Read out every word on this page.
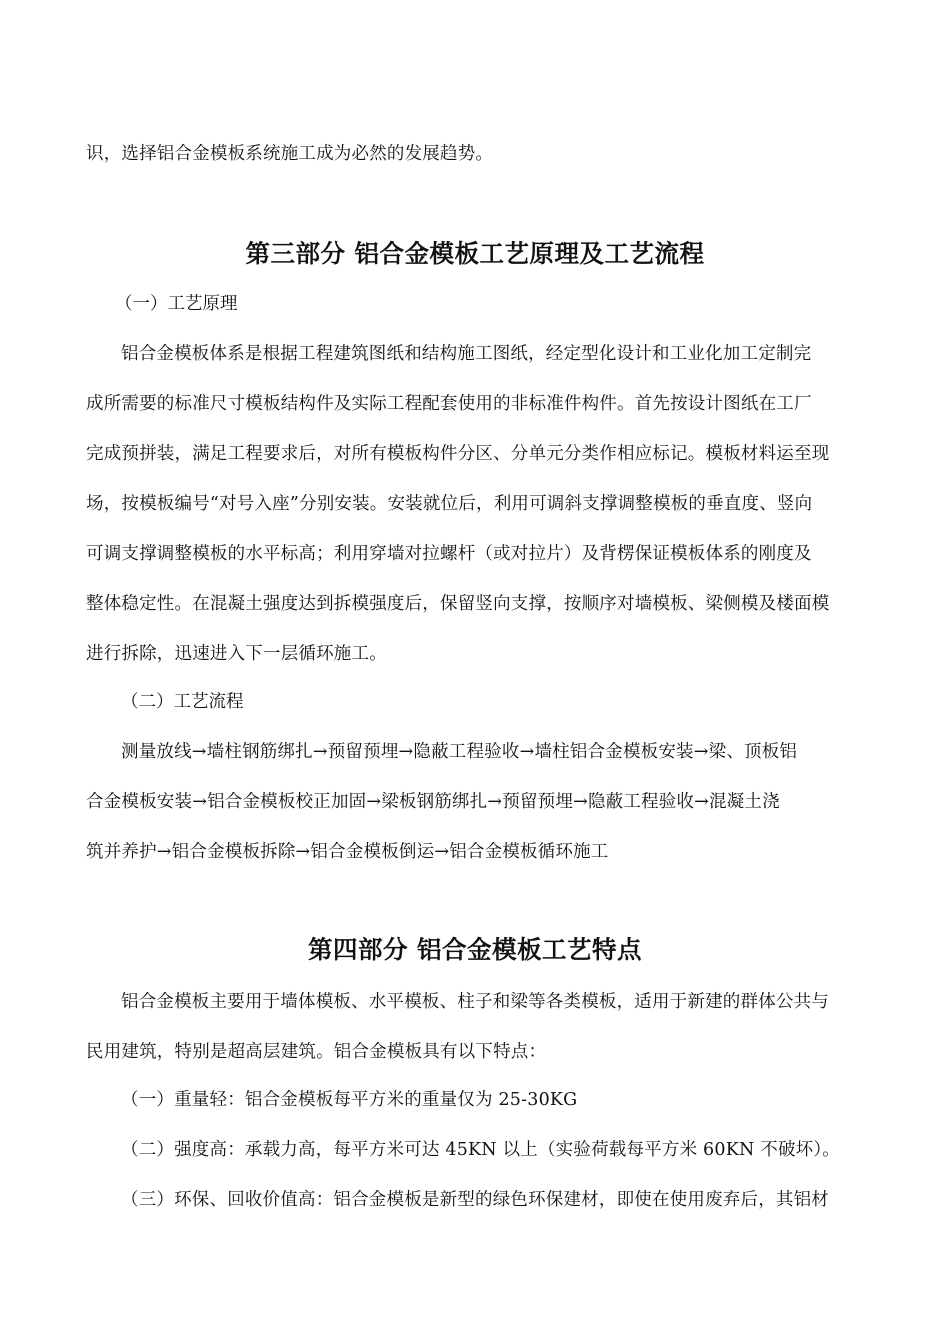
识，选择铝合金模板系统施工成为必然的发展趋势。
第三部分 铝合金模板工艺原理及工艺流程
（一）工艺原理
铝合金模板体系是根据工程建筑图纸和结构施工图纸，经定型化设计和工业化加工定制完
成所需要的标准尺寸模板结构件及实际工程配套使用的非标准件构件。首先按设计图纸在工厂
完成预拼装，满足工程要求后，对所有模板构件分区、分单元分类作相应标记。模板材料运至现
场，按模板编号“对号入座”分别安装。安装就位后，利用可调斜支撑调整模板的垂直度、竖向
可调支撑调整模板的水平标高；利用穿墙对拉螺杆（或对拉片）及背楞保证模板体系的刚度及
整体稳定性。在混凝土强度达到拆模强度后，保留竖向支撑，按顺序对墙模板、梁侧模及楼面模
进行拆除，迅速进入下一层循环施工。
（二）工艺流程
测量放线→墙柱钢筋绑扎→预留预埋→隐蔽工程验收→墙柱铝合金模板安装→梁、顶板铝
合金模板安装→铝合金模板校正加固→梁板钢筋绑扎→预留预埋→隐蔽工程验收→混凝土浇
筑并养护→铝合金模板拆除→铝合金模板倒运→铝合金模板循环施工
第四部分 铝合金模板工艺特点
铝合金模板主要用于墙体模板、水平模板、柱子和梁等各类模板，适用于新建的群体公共与
民用建筑，特别是超高层建筑。铝合金模板具有以下特点：
（一）重量轻：铝合金模板每平方米的重量仅为 25-30KG
（二）强度高：承载力高，每平方米可达 45KN 以上（实验荷载每平方米 60KN 不破坏）。
（三）环保、回收价值高：铝合金模板是新型的绿色环保建材，即使在使用废弃后，其铝材
